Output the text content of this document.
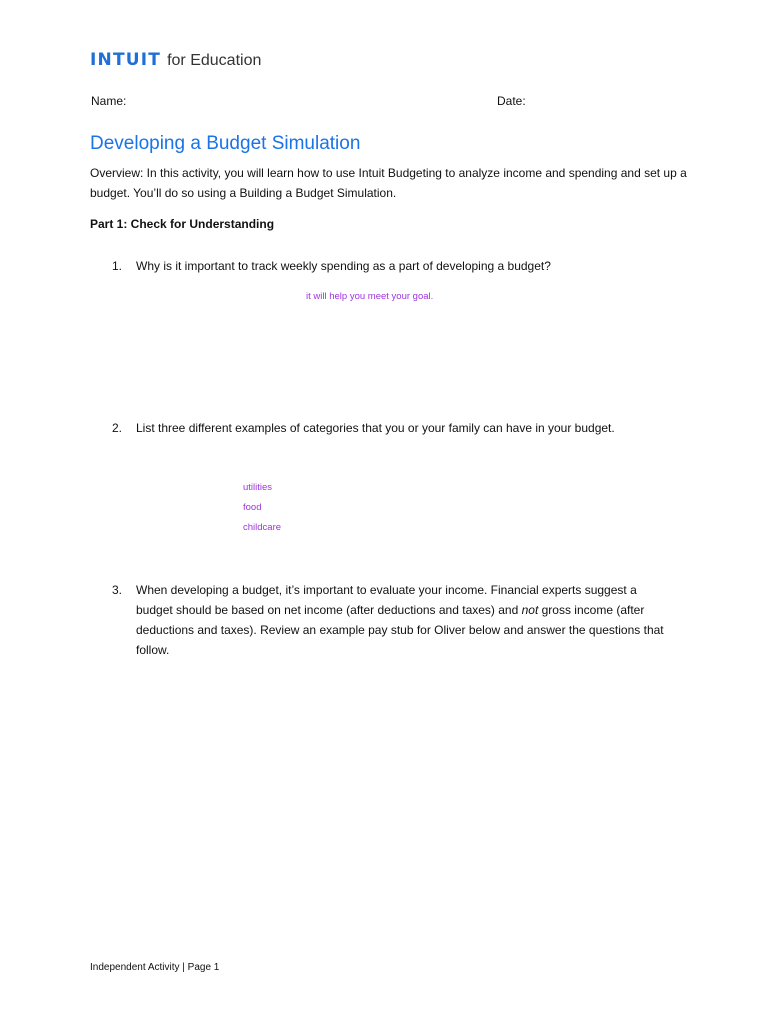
INTUIT for Education
Name:	Date:
Developing a Budget Simulation
Overview: In this activity, you will learn how to use Intuit Budgeting to analyze income and spending and set up a budget. You’ll do so using a Building a Budget Simulation.
Part 1: Check for Understanding
1. Why is it important to track weekly spending as a part of developing a budget?
it will help you meet your goal.
2. List three different examples of categories that you or your family can have in your budget.
utilities
food
childcare
3. When developing a budget, it’s important to evaluate your income. Financial experts suggest a budget should be based on net income (after deductions and taxes) and not gross income (after deductions and taxes). Review an example pay stub for Oliver below and answer the questions that follow.
Independent Activity | Page 1
